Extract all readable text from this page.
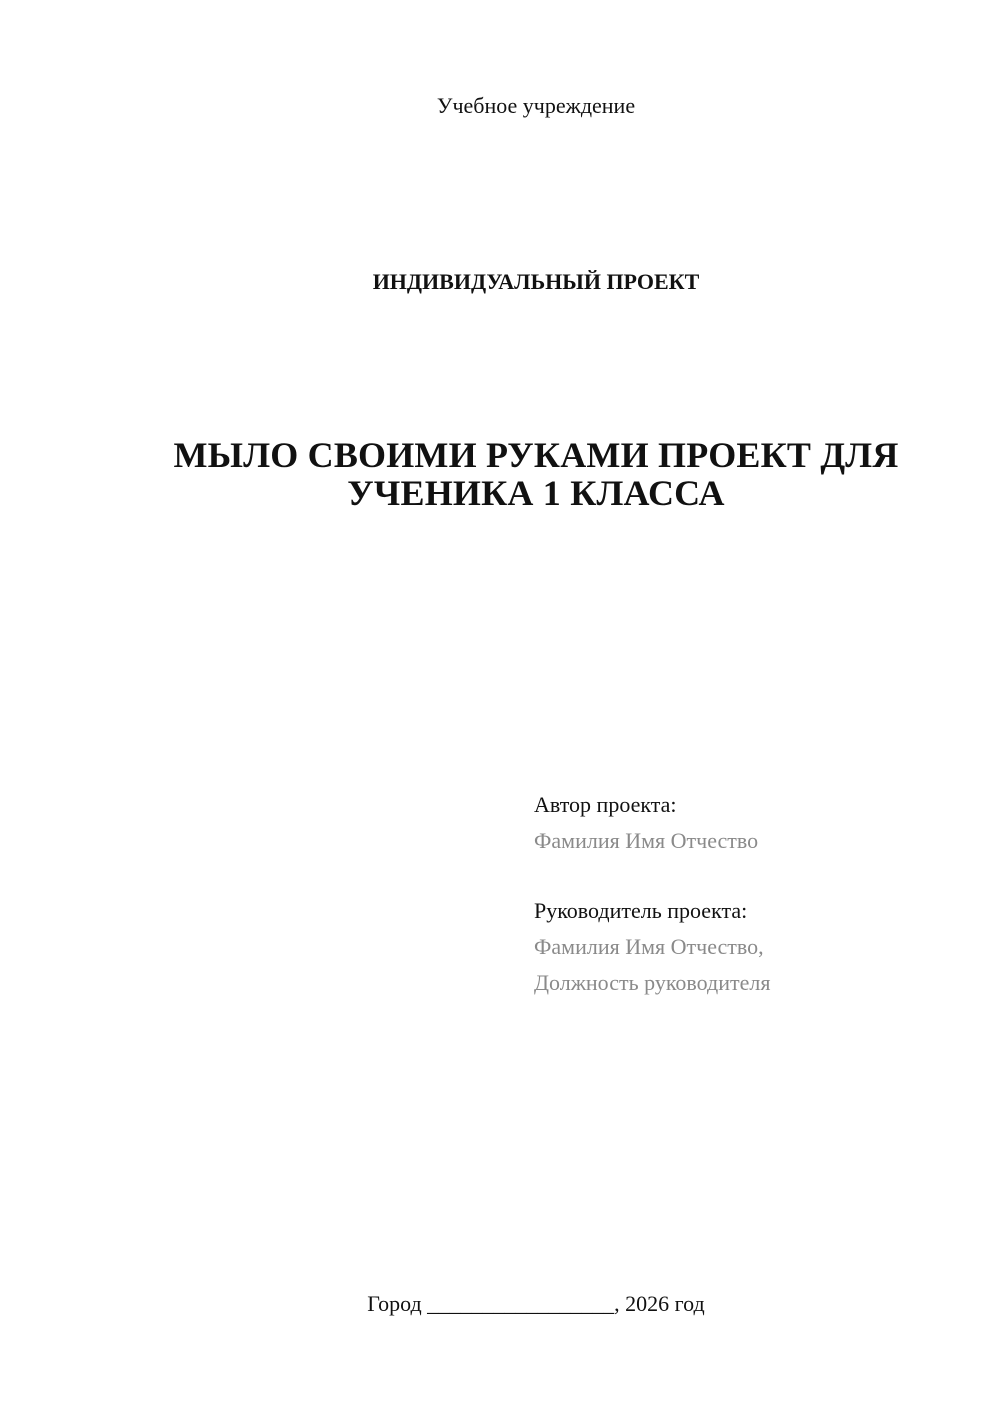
Учебное учреждение
ИНДИВИДУАЛЬНЫЙ ПРОЕКТ
МЫЛО СВОИМИ РУКАМИ ПРОЕКТ ДЛЯ
УЧЕНИКА 1 КЛАССА
Автор проекта:
Фамилия Имя Отчество
Руководитель проекта:
Фамилия Имя Отчество,
Должность руководителя
Город _________________, 2026 год
